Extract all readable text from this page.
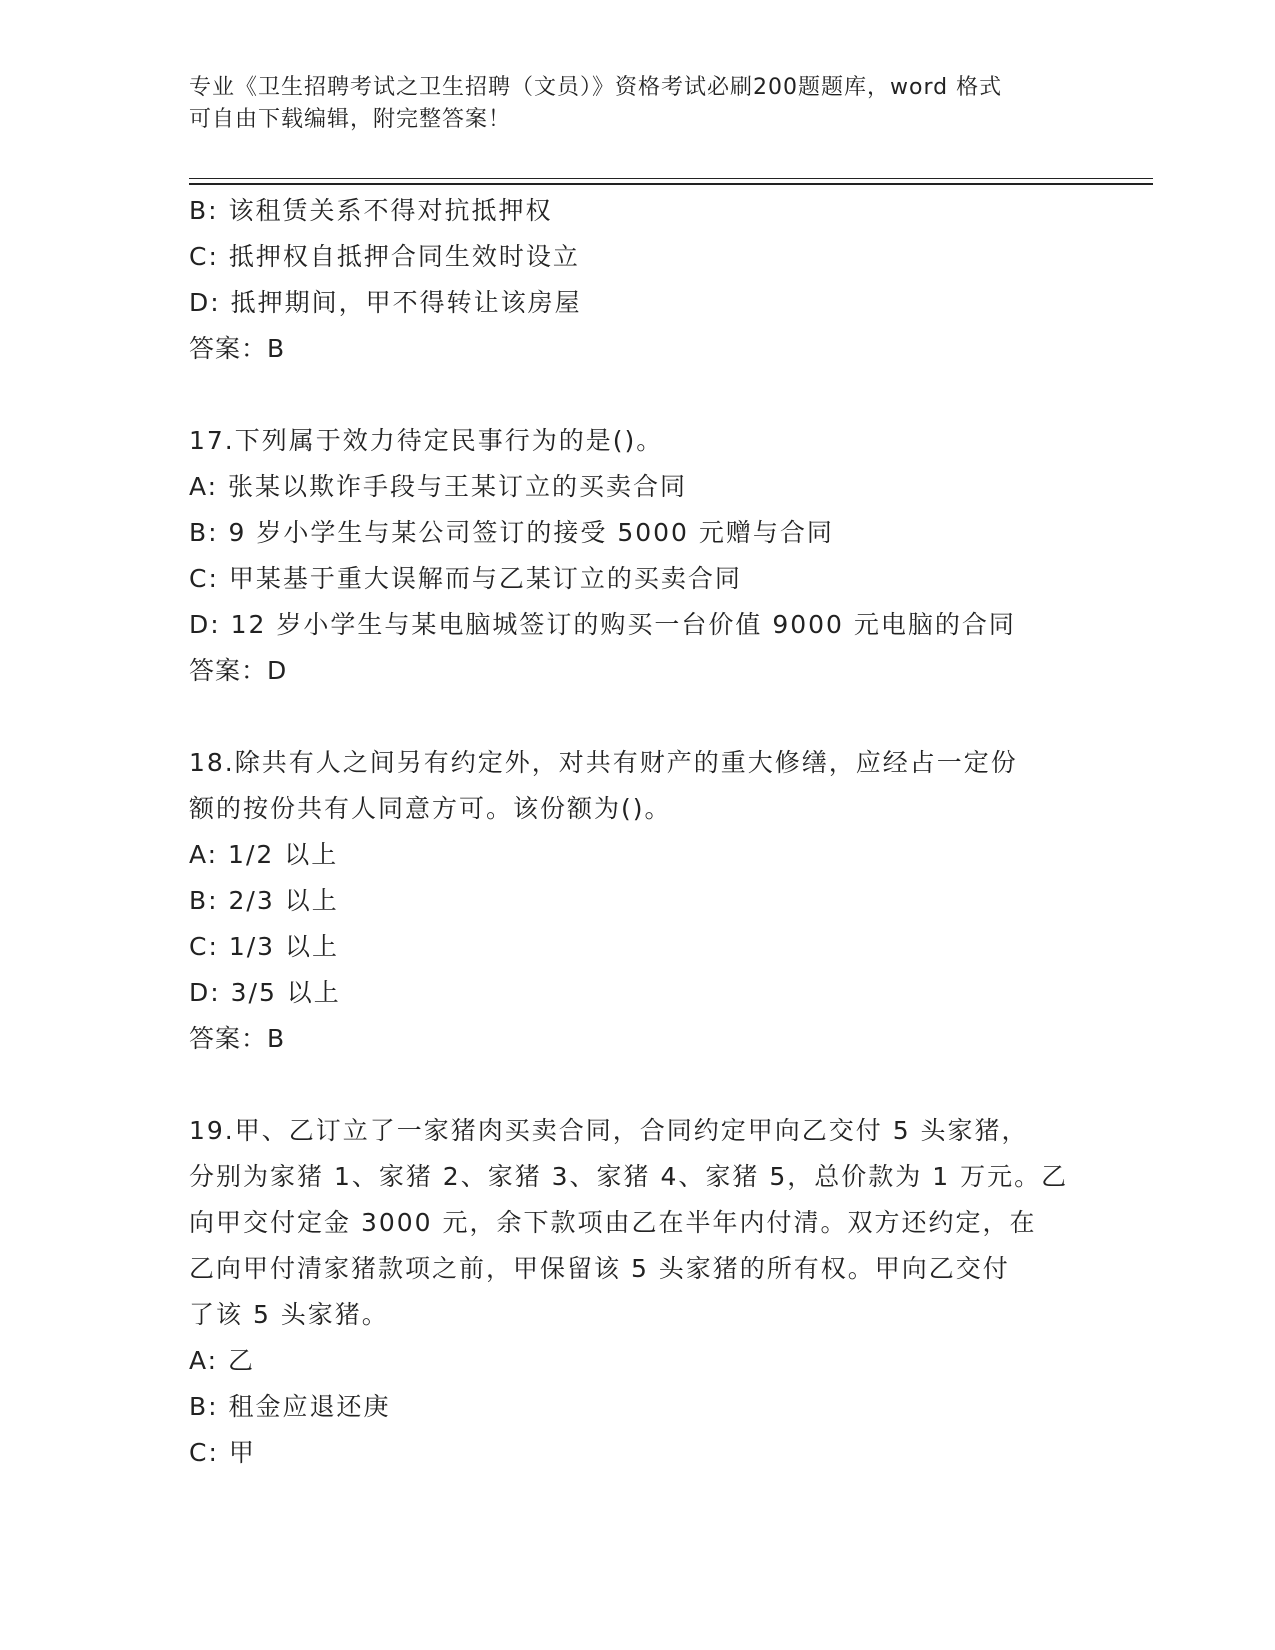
专业《卫生招聘考试之卫生招聘（文员）》资格考试必刷200题题库，word 格式
可自由下载编辑，附完整答案！
B: 该租赁关系不得对抗抵押权
C: 抵押权自抵押合同生效时设立
D: 抵押期间，甲不得转让该房屋
答案：B
17.下列属于效力待定民事行为的是()。
A: 张某以欺诈手段与王某订立的买卖合同
B: 9 岁小学生与某公司签订的接受 5000 元赠与合同
C: 甲某基于重大误解而与乙某订立的买卖合同
D: 12 岁小学生与某电脑城签订的购买一台价值 9000 元电脑的合同
答案：D
18.除共有人之间另有约定外，对共有财产的重大修缮，应经占一定份
额的按份共有人同意方可。该份额为()。
A: 1/2 以上
B: 2/3 以上
C: 1/3 以上
D: 3/5 以上
答案：B
19.甲、乙订立了一家猪肉买卖合同，合同约定甲向乙交付 5 头家猪，
分别为家猪 1、家猪 2、家猪 3、家猪 4、家猪 5，总价款为 1 万元。乙
向甲交付定金 3000 元，余下款项由乙在半年内付清。双方还约定，在
乙向甲付清家猪款项之前，甲保留该 5 头家猪的所有权。甲向乙交付
了该 5 头家猪。
A: 乙
B: 租金应退还庚
C: 甲
